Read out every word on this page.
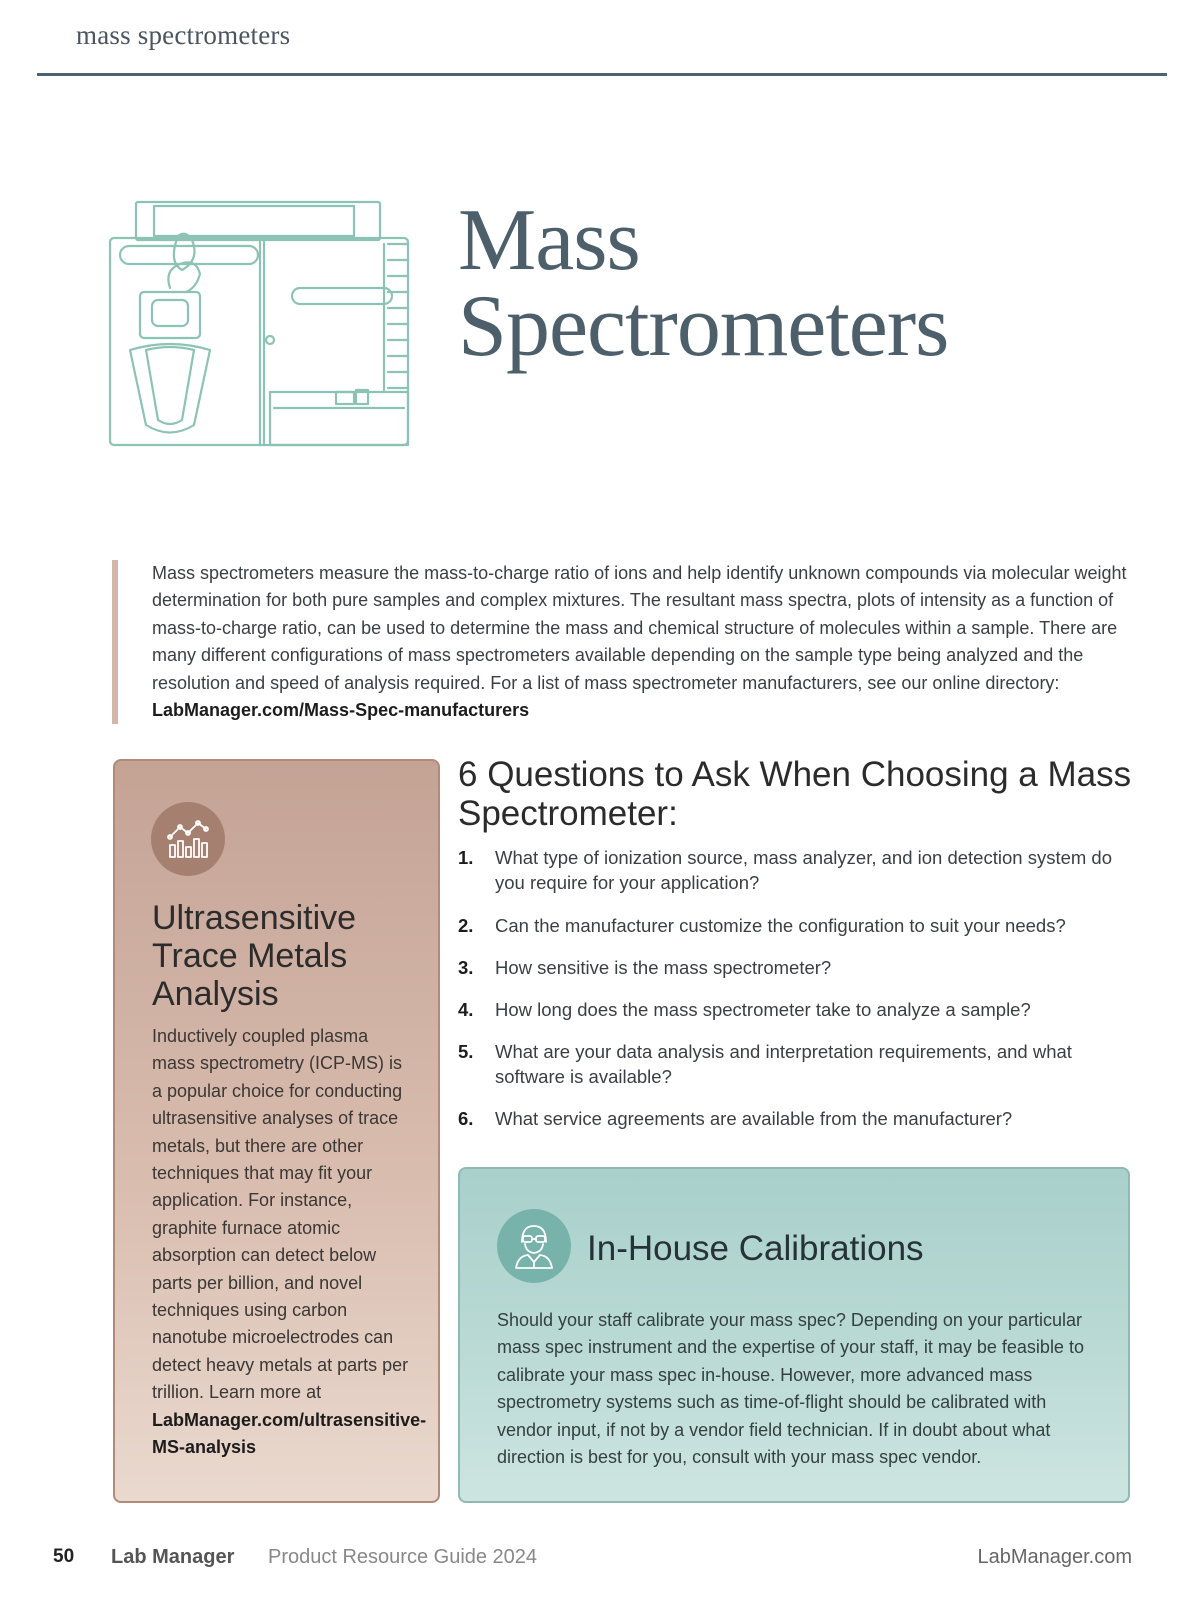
mass spectrometers
Mass
Spectrometers
Mass spectrometers measure the mass-to-charge ratio of ions and help identify unknown compounds via molecular weight determination for both pure samples and complex mixtures. The resultant mass spectra, plots of intensity as a function of mass-to-charge ratio, can be used to determine the mass and chemical structure of molecules within a sample. There are many different configurations of mass spectrometers available depending on the sample type being analyzed and the resolution and speed of analysis required. For a list of mass spectrometer manufacturers, see our online directory:
LabManager.com/Mass-Spec-manufacturers
Ultrasensitive Trace Metals Analysis
Inductively coupled plasma mass spectrometry (ICP-MS) is a popular choice for conducting ultrasensitive analyses of trace metals, but there are other techniques that may fit your application. For instance, graphite furnace atomic absorption can detect below parts per billion, and novel techniques using carbon nanotube microelectrodes can detect heavy metals at parts per trillion. Learn more at LabManager.com/ultrasensitive-MS-analysis
6 Questions to Ask When Choosing a Mass Spectrometer:
1. What type of ionization source, mass analyzer, and ion detection system do you require for your application?
2. Can the manufacturer customize the configuration to suit your needs?
3. How sensitive is the mass spectrometer?
4. How long does the mass spectrometer take to analyze a sample?
5. What are your data analysis and interpretation requirements, and what software is available?
6. What service agreements are available from the manufacturer?
In-House Calibrations
Should your staff calibrate your mass spec? Depending on your particular mass spec instrument and the expertise of your staff, it may be feasible to calibrate your mass spec in-house. However, more advanced mass spectrometry systems such as time-of-flight should be calibrated with vendor input, if not by a vendor field technician. If in doubt about what direction is best for you, consult with your mass spec vendor.
50 Lab Manager Product Resource Guide 2024	LabManager.com
